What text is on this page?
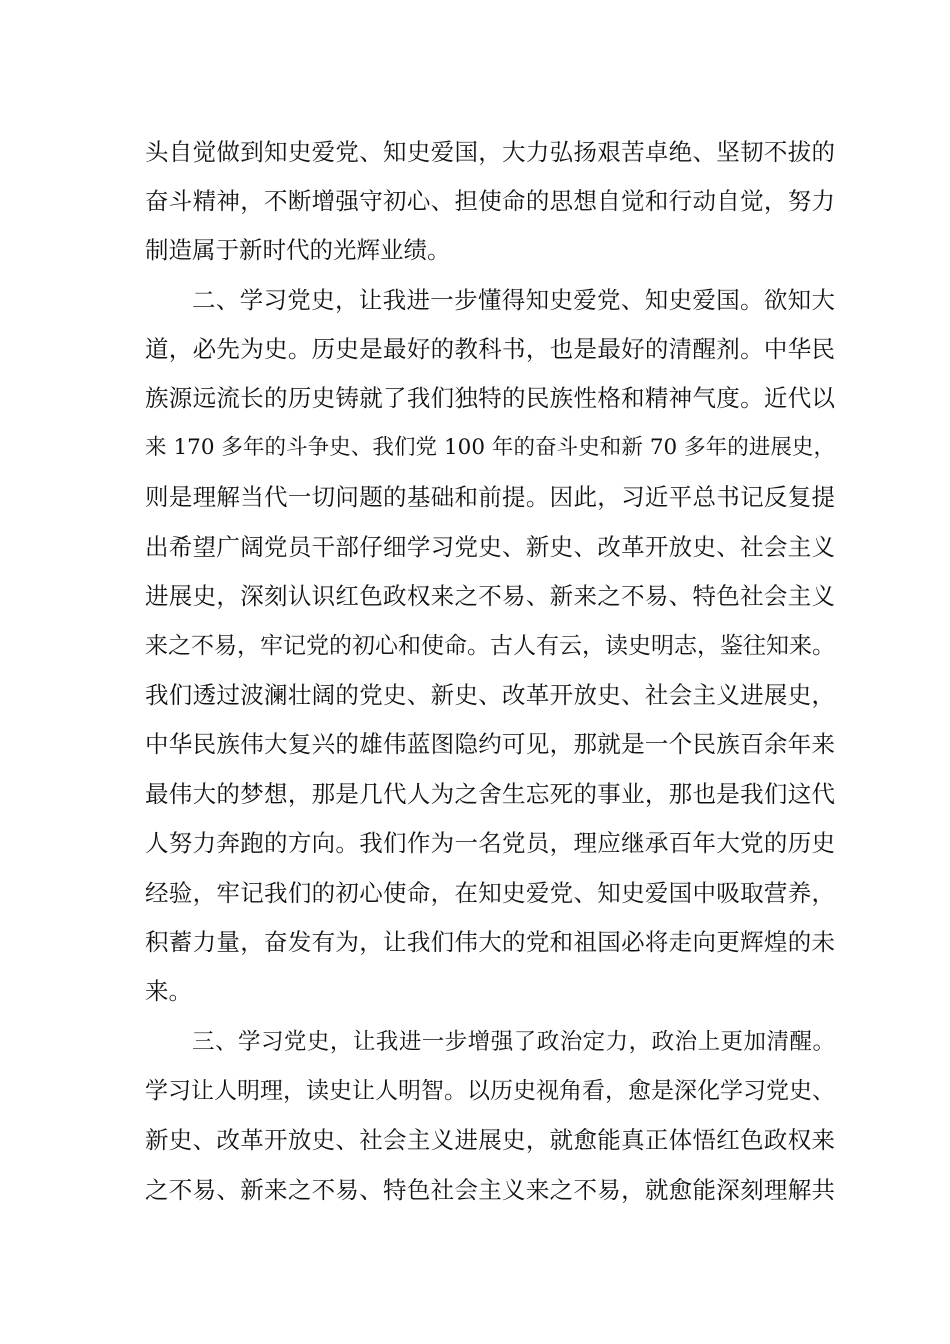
头自觉做到知史爱党、知史爱国，大力弘扬艰苦卓绝、坚韧不拔的
奋斗精神，不断增强守初心、担使命的思想自觉和行动自觉，努力
制造属于新时代的光辉业绩。
二、学习党史，让我进一步懂得知史爱党、知史爱国。欲知大
道，必先为史。历史是最好的教科书，也是最好的清醒剂。中华民
族源远流长的历史铸就了我们独特的民族性格和精神气度。近代以
来 170 多年的斗争史、我们党 100 年的奋斗史和新 70 多年的进展史，
则是理解当代一切问题的基础和前提。因此，习近平总书记反复提
出希望广阔党员干部仔细学习党史、新史、改革开放史、社会主义
进展史，深刻认识红色政权来之不易、新来之不易、特色社会主义
来之不易，牢记党的初心和使命。古人有云，读史明志，鉴往知来。
我们透过波澜壮阔的党史、新史、改革开放史、社会主义进展史，
中华民族伟大复兴的雄伟蓝图隐约可见，那就是一个民族百余年来
最伟大的梦想，那是几代人为之舍生忘死的事业，那也是我们这代
人努力奔跑的方向。我们作为一名党员，理应继承百年大党的历史
经验，牢记我们的初心使命，在知史爱党、知史爱国中吸取营养，
积蓄力量，奋发有为，让我们伟大的党和祖国必将走向更辉煌的未
来。
三、学习党史，让我进一步增强了政治定力，政治上更加清醒。
学习让人明理，读史让人明智。以历史视角看，愈是深化学习党史、
新史、改革开放史、社会主义进展史，就愈能真正体悟红色政权来
之不易、新来之不易、特色社会主义来之不易，就愈能深刻理解共
